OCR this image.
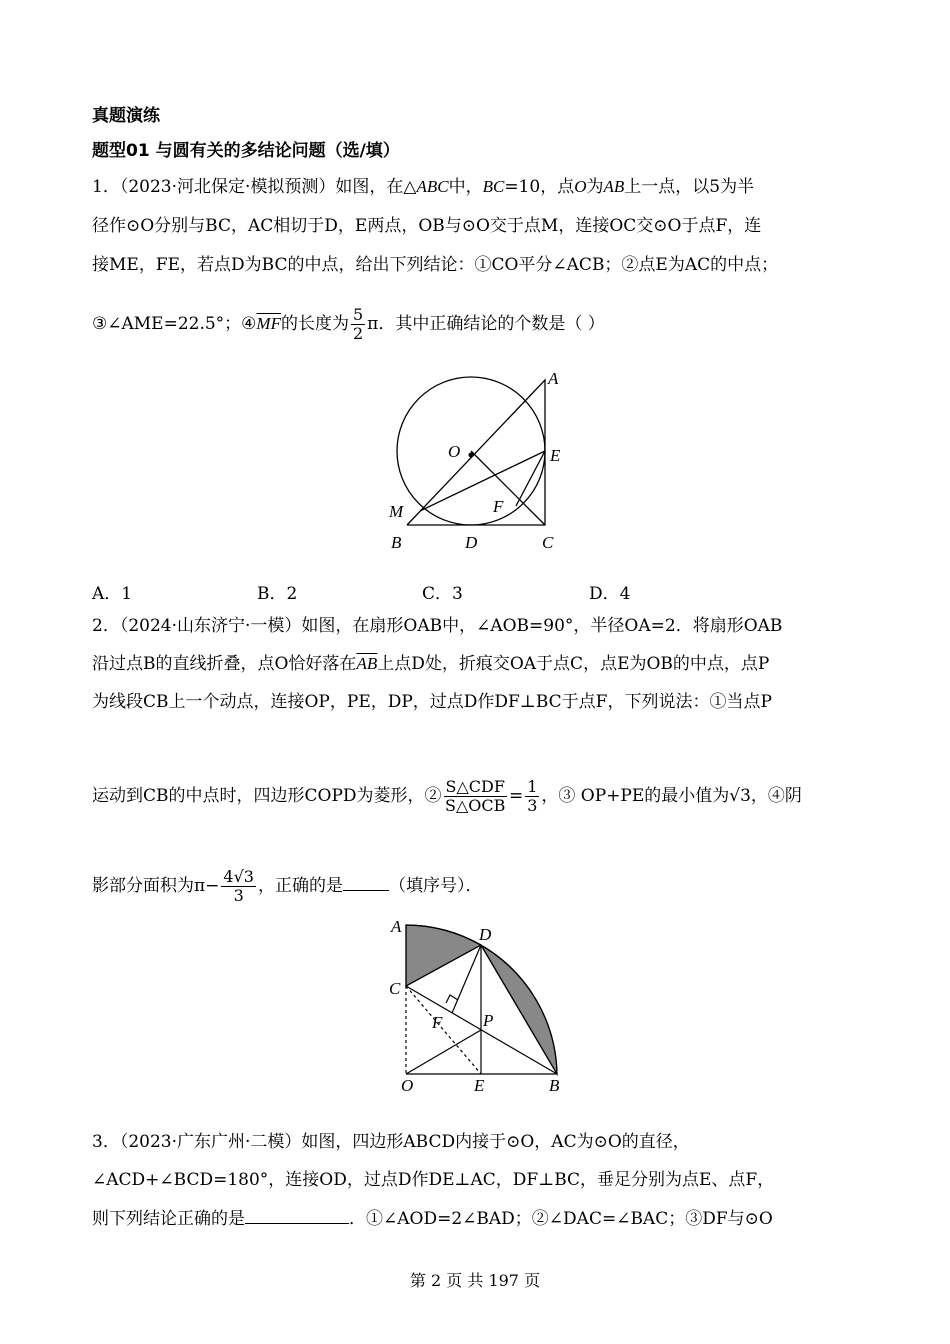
真题演练
题型01 与圆有关的多结论问题（选/填）
1．（2023·河北保定·模拟预测）如图，在△ABC中，BC=10，点O为AB上一点，以5为半
径作⊙O分别与BC，AC相切于D，E两点，OB与⊙O交于点M，连接OC交⊙O于点F，连
接ME，FE，若点D为BC的中点，给出下列结论：①CO平分∠ACB；②点E为AC的中点；
③∠AME=22.5°；$④\overline{MF}$的长度为 $\frac{5}{2}$ π．其中正确结论的个数是（ ）
A
O	E
M	F
B	D	C
A．1	B．2	C．3	D．4
2．（2024·山东济宁·一模）如图，在扇形OAB中，∠AOB=90°，半径OA=2．将扇形OAB
沿过点B的直线折叠，点O恰好落在$\overline{AB}$上点D处，折痕交OA于点C，点E为OB的中点，点P
为线段CB上一个动点，连接OP，PE，DP，过点D作DF⊥BC于点F，下列说法：①当点P
运动到CB的中点时，四边形COPD为菱形，② $\frac{\text{S△CDF}}{\text{S△OCB}} = \frac{1}{3}$ ，③ OP+PE的最小值为√3，④阴
影部分面积为$\pi- \frac{4√3}{3}$ ，正确的是	（填序号）．
A	D
C
F P
O	E	B
3．（2023·广东广州·二模）如图，四边形ABCD内接于⊙O，AC为⊙O的直径，
∠ACD+∠BCD=180°，连接OD，过点D作DE⊥AC，DF⊥BC，垂足分别为点E、点F，
则下列结论正确的是	．①∠AOD=2∠BAD；②∠DAC=∠BAC；③DF与⊙O
第 2 页 共 197 页
